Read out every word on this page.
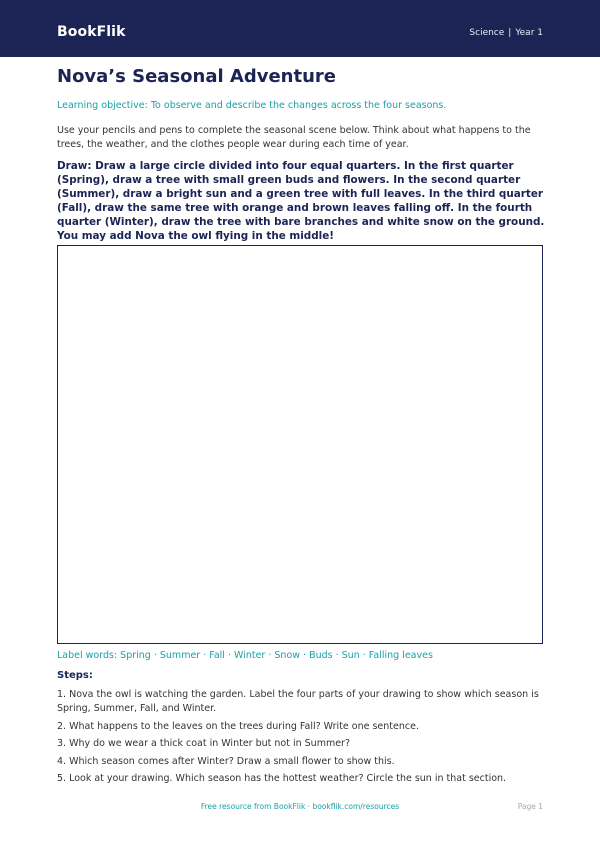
BookFlik	Science | Year 1
Nova’s Seasonal Adventure
Learning objective: To observe and describe the changes across the four seasons.
Use your pencils and pens to complete the seasonal scene below. Think about what happens to the trees, the weather, and the clothes people wear during each time of year.
Draw: Draw a large circle divided into four equal quarters. In the first quarter (Spring), draw a tree with small green buds and flowers. In the second quarter (Summer), draw a bright sun and a green tree with full leaves. In the third quarter (Fall), draw the same tree with orange and brown leaves falling off. In the fourth quarter (Winter), draw the tree with bare branches and white snow on the ground. You may add Nova the owl flying in the middle!
Label words: Spring · Summer · Fall · Winter · Snow · Buds · Sun · Falling leaves
Steps:
1. Nova the owl is watching the garden. Label the four parts of your drawing to show which season is Spring, Summer, Fall, and Winter.
2. What happens to the leaves on the trees during Fall? Write one sentence.
3. Why do we wear a thick coat in Winter but not in Summer?
4. Which season comes after Winter? Draw a small flower to show this.
5. Look at your drawing. Which season has the hottest weather? Circle the sun in that section.
Free resource from BookFlik · bookflik.com/resources	Page 1
